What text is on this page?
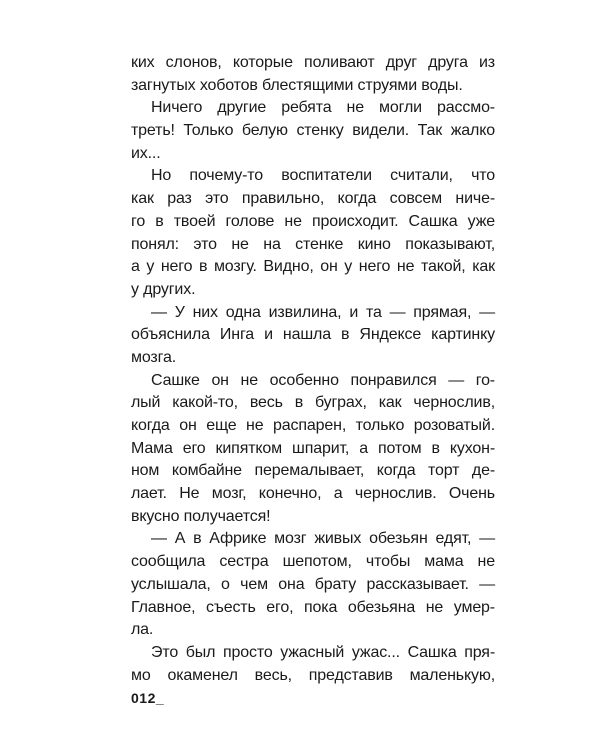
ких слонов, которые поливают друг друга из
загнутых хоботов блестящими струями воды.
Ничего другие ребята не могли рассмо-
треть! Только белую стенку видели. Так жалко
их...
Но почему-то воспитатели считали, что
как раз это правильно, когда совсем ниче-
го в твоей голове не происходит. Сашка уже
понял: это не на стенке кино показывают,
а у него в мозгу. Видно, он у него не такой, как
у других.
— У них одна извилина, и та — прямая, —
объяснила Инга и нашла в Яндексе картинку
мозга.
Сашке он не особенно понравился — го-
лый какой-то, весь в буграх, как чернослив,
когда он еще не распарен, только розоватый.
Мама его кипятком шпарит, а потом в кухон-
ном комбайне перемалывает, когда торт де-
лает. Не мозг, конечно, а чернослив. Очень
вкусно получается!
— А в Африке мозг живых обезьян едят, —
сообщила сестра шепотом, чтобы мама не
услышала, о чем она брату рассказывает. —
Главное, съесть его, пока обезьяна не умер-
ла.
Это был просто ужасный ужас... Сашка пря-
мо окаменел весь, представив маленькую,
012_
